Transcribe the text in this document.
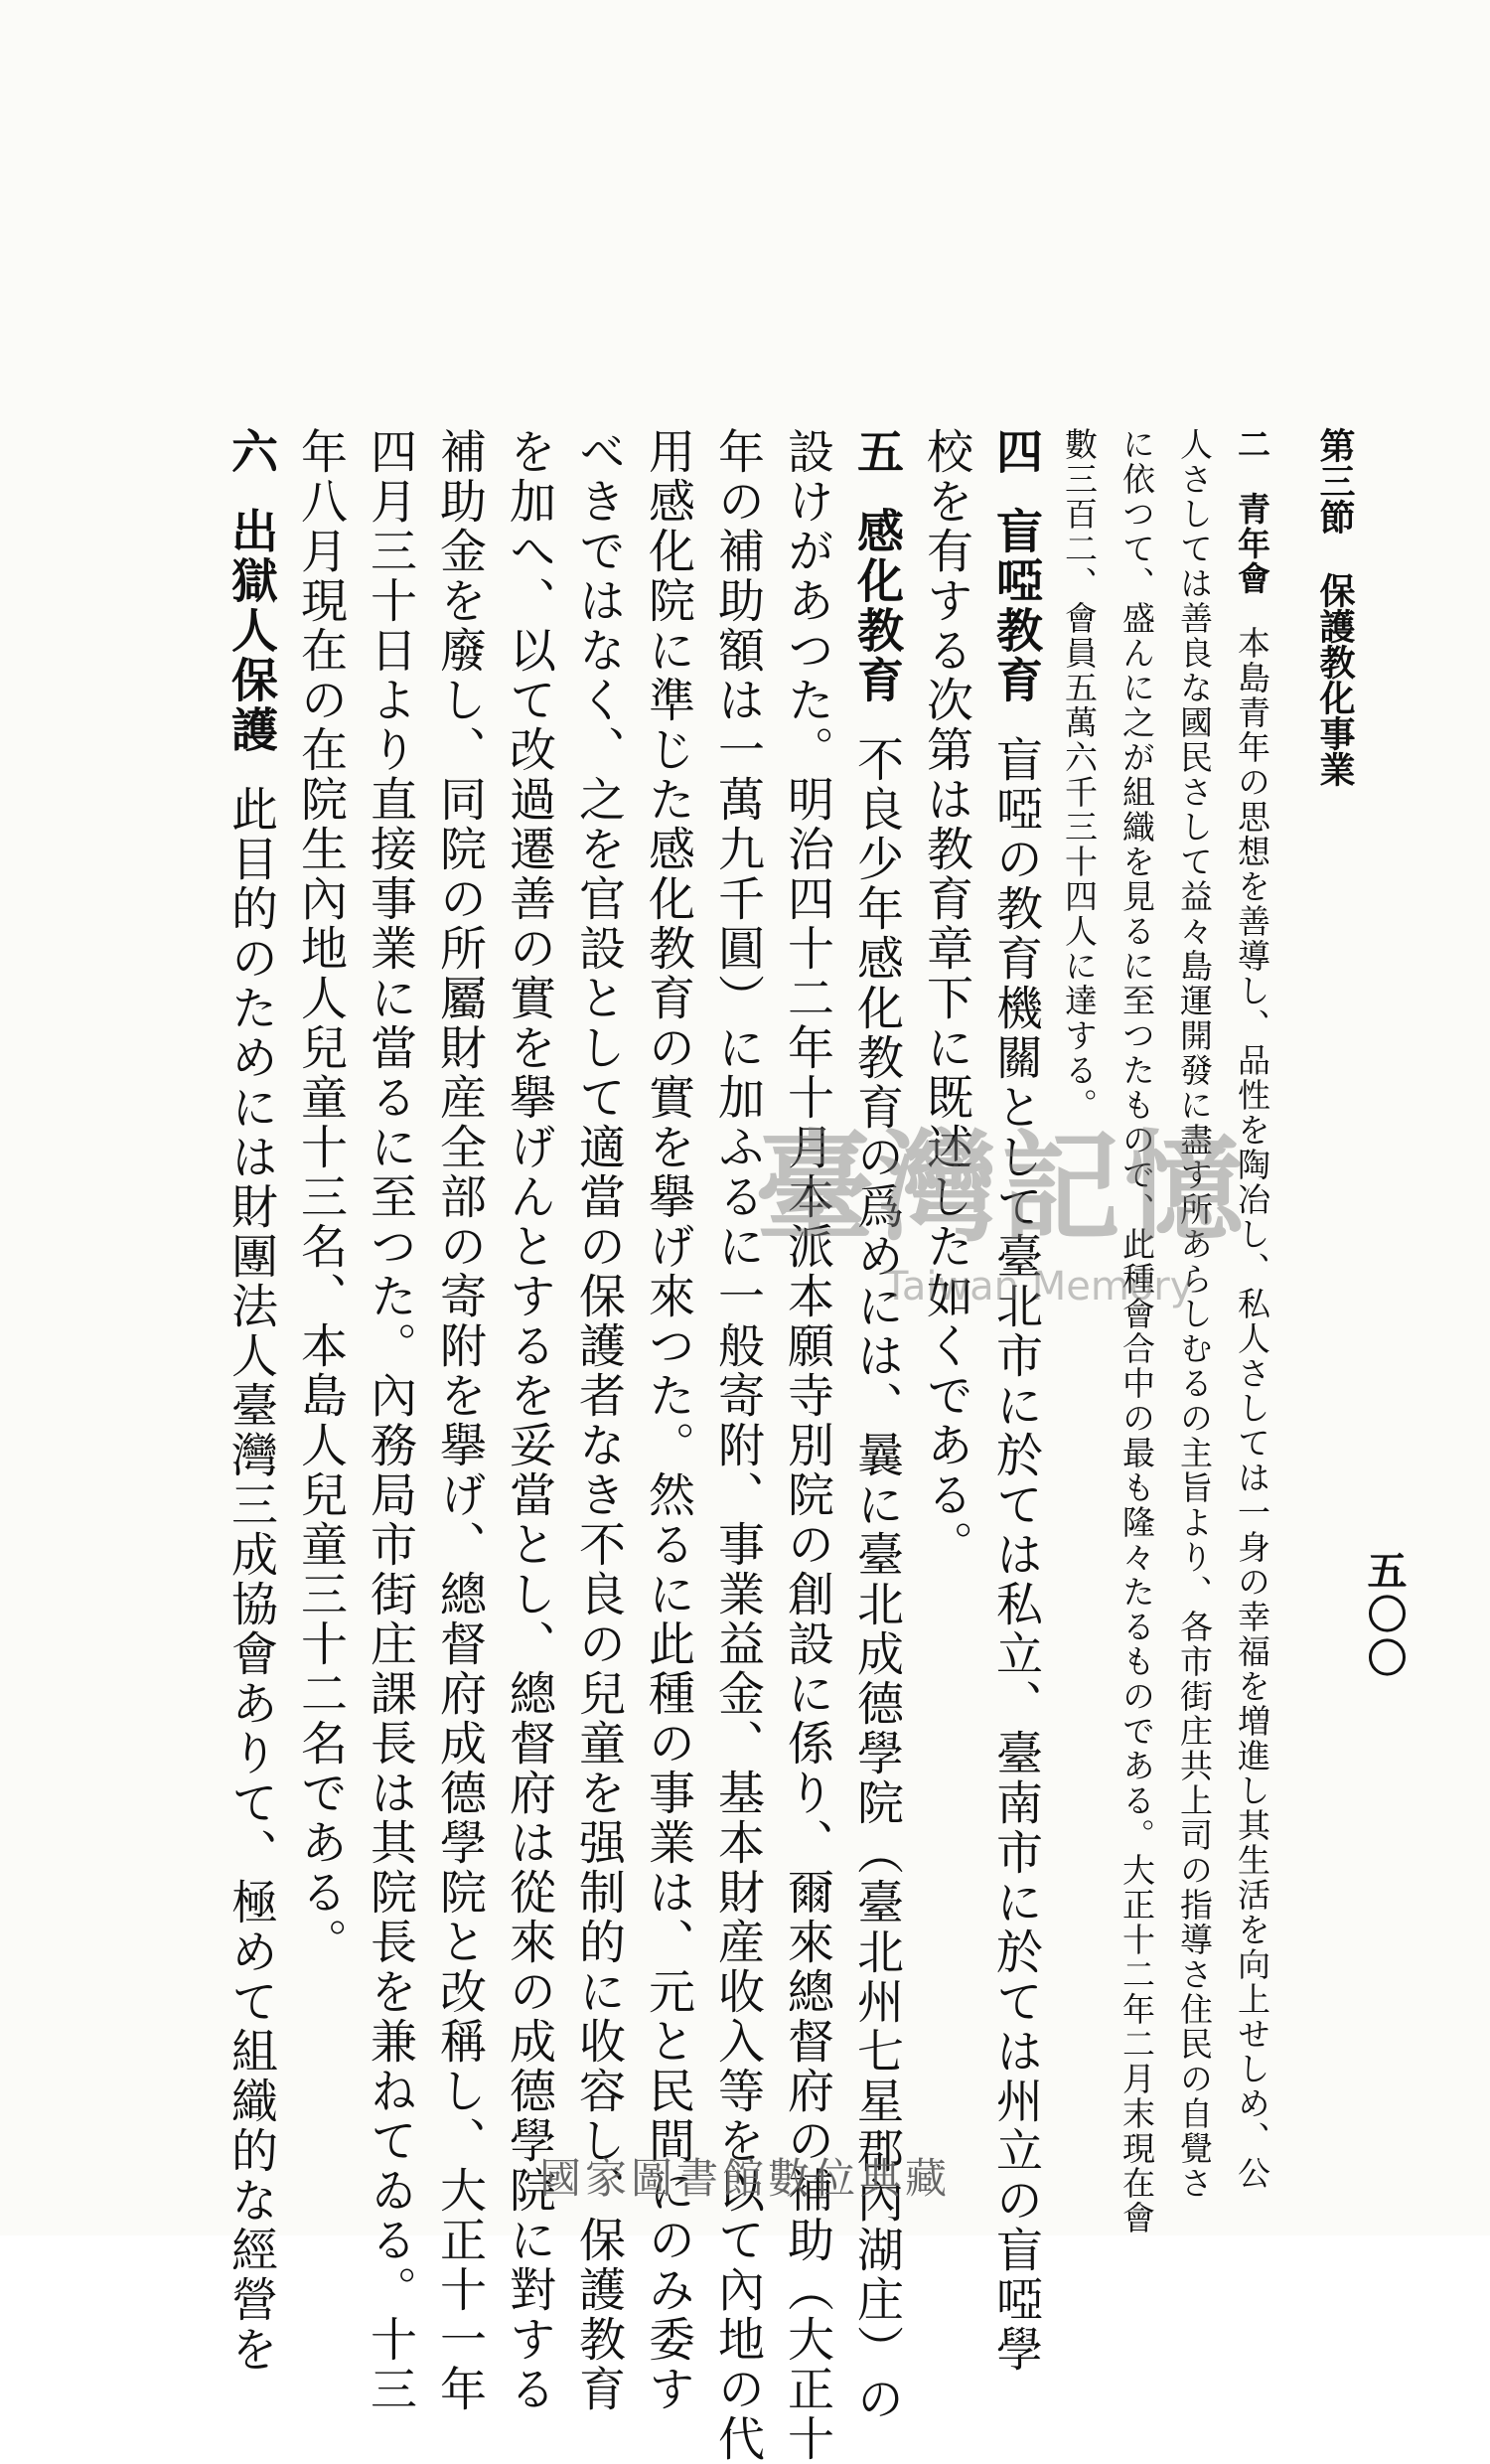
第三節保護教化事業

二青年會本島青年の思想を善導し、品性を陶冶し、私人さしては一身の幸福を増進し其生活を向上せしめ、公

人さしては善良な國民さして益々島運開發に盡す所あらしむるの主旨より、各市街庄共上司の指導さ住民の自覺さ

に依つて、盛んに之が組織を見るに至つたもので、此種會合中の最も隆々たるものである。大正十二年二月末現在會

數三百二、會員五萬六千三十四人に達する。

四盲啞教育盲啞の教育機關として臺北市に於ては私立、臺南市に於ては州立の盲啞學

校を有する次第は教育章下に既述した如くである。

五感化教育不良少年感化教育の爲めには、曩に臺北成德學院（臺北州七星郡內湖庄）の

設けがあつた。明治四十二年十月本派本願寺別院の創設に係り、爾來總督府の補助（大正十

年の補助額は一萬九千圓）に加ふるに一般寄附、事業益金、基本財産收入等を以て內地の代

用感化院に準じた感化教育の實を擧げ來つた。然るに此種の事業は、元と民間にのみ委す

べきではなく、之を官設として適當の保護者なき不良の兒童を强制的に收容し、保護教育

を加へ、以て改過遷善の實を擧げんとするを妥當とし、總督府は從來の成德學院に對する

補助金を廢し、同院の所屬財産全部の寄附を擧げ、總督府成德學院と改稱し、大正十一年

四月三十日より直接事業に當るに至つた。內務局市街庄課長は其院長を兼ねてゐる。十三

年八月現在の在院生內地人兒童十三名、本島人兒童三十二名である。

六出獄人保護此目的のためには財團法人臺灣三成協會ありて、極めて組織的な經營を	五〇〇
臺灣記憶
Taiwan Memory
國家圖書館數位典藏
